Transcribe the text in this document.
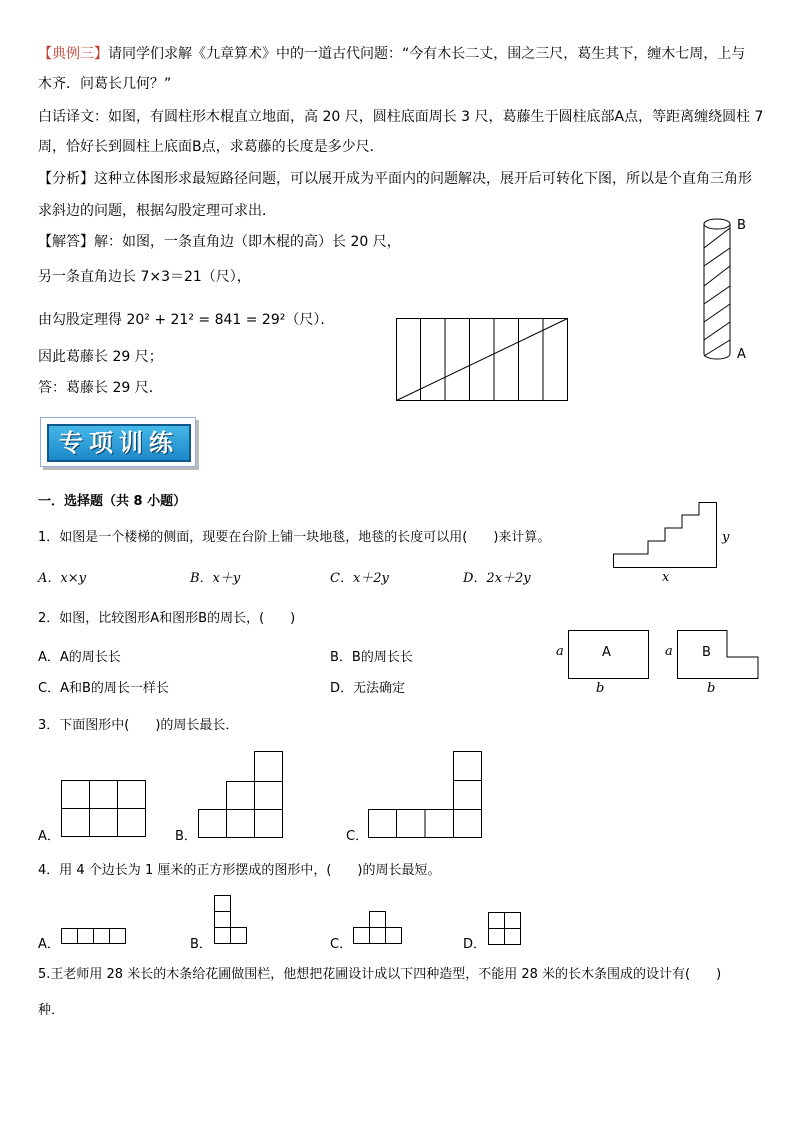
【典例三】请同学们求解《九章算术》中的一道古代问题：“今有木长二丈，围之三尺，葛生其下，缠木七周，上与
木齐．问葛长几何？”
白话译文：如图，有圆柱形木棍直立地面，高 20 尺，圆柱底面周长 3 尺，葛藤生于圆柱底部A点，等距离缠绕圆柱 7
周，恰好长到圆柱上底面B点，求葛藤的长度是多少尺．
【分析】这种立体图形求最短路径问题，可以展开成为平面内的问题解决，展开后可转化下图，所以是个直角三角形
求斜边的问题，根据勾股定理可求出．
【解答】解：如图，一条直角边（即木棍的高）长 20 尺，
另一条直角边长 7×3＝21（尺），
由勾股定理得 20² + 21² = 841 = 29²（尺）．
因此葛藤长 29 尺；
答：葛藤长 29 尺．
B
A
专项训练
一．选择题（共 8 小题）
1．如图是一个楼梯的侧面，现要在台阶上铺一块地毯，地毯的长度可以用(　　)来计算。
A．x×y	B．x＋y	C．x＋2y	D．2x＋2y
y
x
2．如图，比较图形A和图形B的周长，(　　)
A．A的周长长	B．B的周长长
C．A和B的周长一样长	D．无法确定
A
a
b
B
a
b
3．下面图形中(　　)的周长最长．
A．	B．	C．
4．用 4 个边长为 1 厘米的正方形摆成的图形中，(　　)的周长最短。
A．	B．	C．	D．
5.王老师用 28 米长的木条给花圃做围栏，他想把花圃设计成以下四种造型，不能用 28 米的长木条围成的设计有(　　)
种．
